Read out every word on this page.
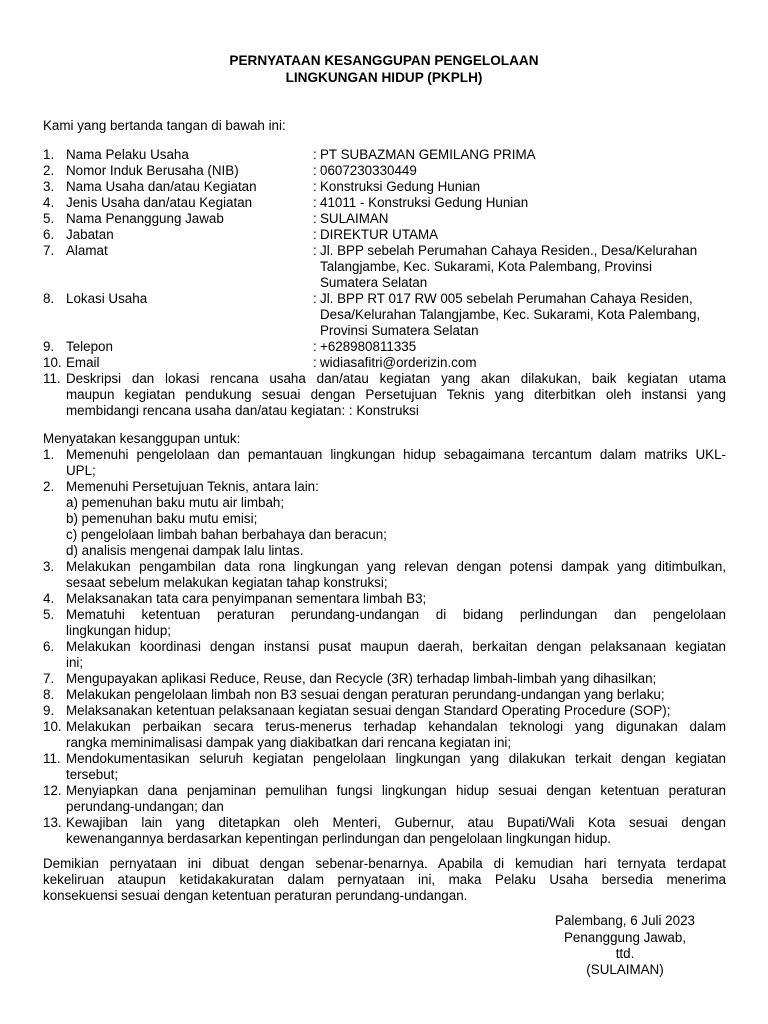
PERNYATAAN KESANGGUPAN PENGELOLAAN
LINGKUNGAN HIDUP (PKPLH)
Kami yang bertanda tangan di bawah ini:
1. Nama Pelaku Usaha	: PT SUBAZMAN GEMILANG PRIMA
2. Nomor Induk Berusaha (NIB)	: 0607230330449
3. Nama Usaha dan/atau Kegiatan	: Konstruksi Gedung Hunian
4. Jenis Usaha dan/atau Kegiatan	: 41011 - Konstruksi Gedung Hunian
5. Nama Penanggung Jawab	: SULAIMAN
6. Jabatan	: DIREKTUR UTAMA
7. Alamat	: Jl. BPP sebelah Perumahan Cahaya Residen., Desa/Kelurahan
Talangjambe, Kec. Sukarami, Kota Palembang, Provinsi
Sumatera Selatan
8. Lokasi Usaha	: Jl. BPP RT 017 RW 005 sebelah Perumahan Cahaya Residen,
Desa/Kelurahan Talangjambe, Kec. Sukarami, Kota Palembang,
Provinsi Sumatera Selatan
9. Telepon	: +628980811335
10. Email	: widiasafitri@orderizin.com
11. Deskripsi dan lokasi rencana usaha dan/atau kegiatan yang akan dilakukan, baik kegiatan utama
maupun kegiatan pendukung sesuai dengan Persetujuan Teknis yang diterbitkan oleh instansi yang
membidangi rencana usaha dan/atau kegiatan: : Konstruksi
Menyatakan kesanggupan untuk:
1. Memenuhi pengelolaan dan pemantauan lingkungan hidup sebagaimana tercantum dalam matriks UKL-
UPL;
2. Memenuhi Persetujuan Teknis, antara lain:
a) pemenuhan baku mutu air limbah;
b) pemenuhan baku mutu emisi;
c) pengelolaan limbah bahan berbahaya dan beracun;
d) analisis mengenai dampak lalu lintas.
3. Melakukan pengambilan data rona lingkungan yang relevan dengan potensi dampak yang ditimbulkan,
sesaat sebelum melakukan kegiatan tahap konstruksi;
4. Melaksanakan tata cara penyimpanan sementara limbah B3;
5. Mematuhi ketentuan peraturan perundang-undangan di bidang perlindungan dan pengelolaan
lingkungan hidup;
6. Melakukan koordinasi dengan instansi pusat maupun daerah, berkaitan dengan pelaksanaan kegiatan
ini;
7. Mengupayakan aplikasi Reduce, Reuse, dan Recycle (3R) terhadap limbah-limbah yang dihasilkan;
8. Melakukan pengelolaan limbah non B3 sesuai dengan peraturan perundang-undangan yang berlaku;
9. Melaksanakan ketentuan pelaksanaan kegiatan sesuai dengan Standard Operating Procedure (SOP);
10. Melakukan perbaikan secara terus-menerus terhadap kehandalan teknologi yang digunakan dalam
rangka meminimalisasi dampak yang diakibatkan dari rencana kegiatan ini;
11. Mendokumentasikan seluruh kegiatan pengelolaan lingkungan yang dilakukan terkait dengan kegiatan
tersebut;
12. Menyiapkan dana penjaminan pemulihan fungsi lingkungan hidup sesuai dengan ketentuan peraturan
perundang-undangan; dan
13. Kewajiban lain yang ditetapkan oleh Menteri, Gubernur, atau Bupati/Wali Kota sesuai dengan
kewenangannya berdasarkan kepentingan perlindungan dan pengelolaan lingkungan hidup.
Demikian pernyataan ini dibuat dengan sebenar-benarnya. Apabila di kemudian hari ternyata terdapat
kekeliruan ataupun ketidakakuratan dalam pernyataan ini, maka Pelaku Usaha bersedia menerima
konsekuensi sesuai dengan ketentuan peraturan perundang-undangan.
Palembang, 6 Juli 2023
Penanggung Jawab,
ttd.
(SULAIMAN)
